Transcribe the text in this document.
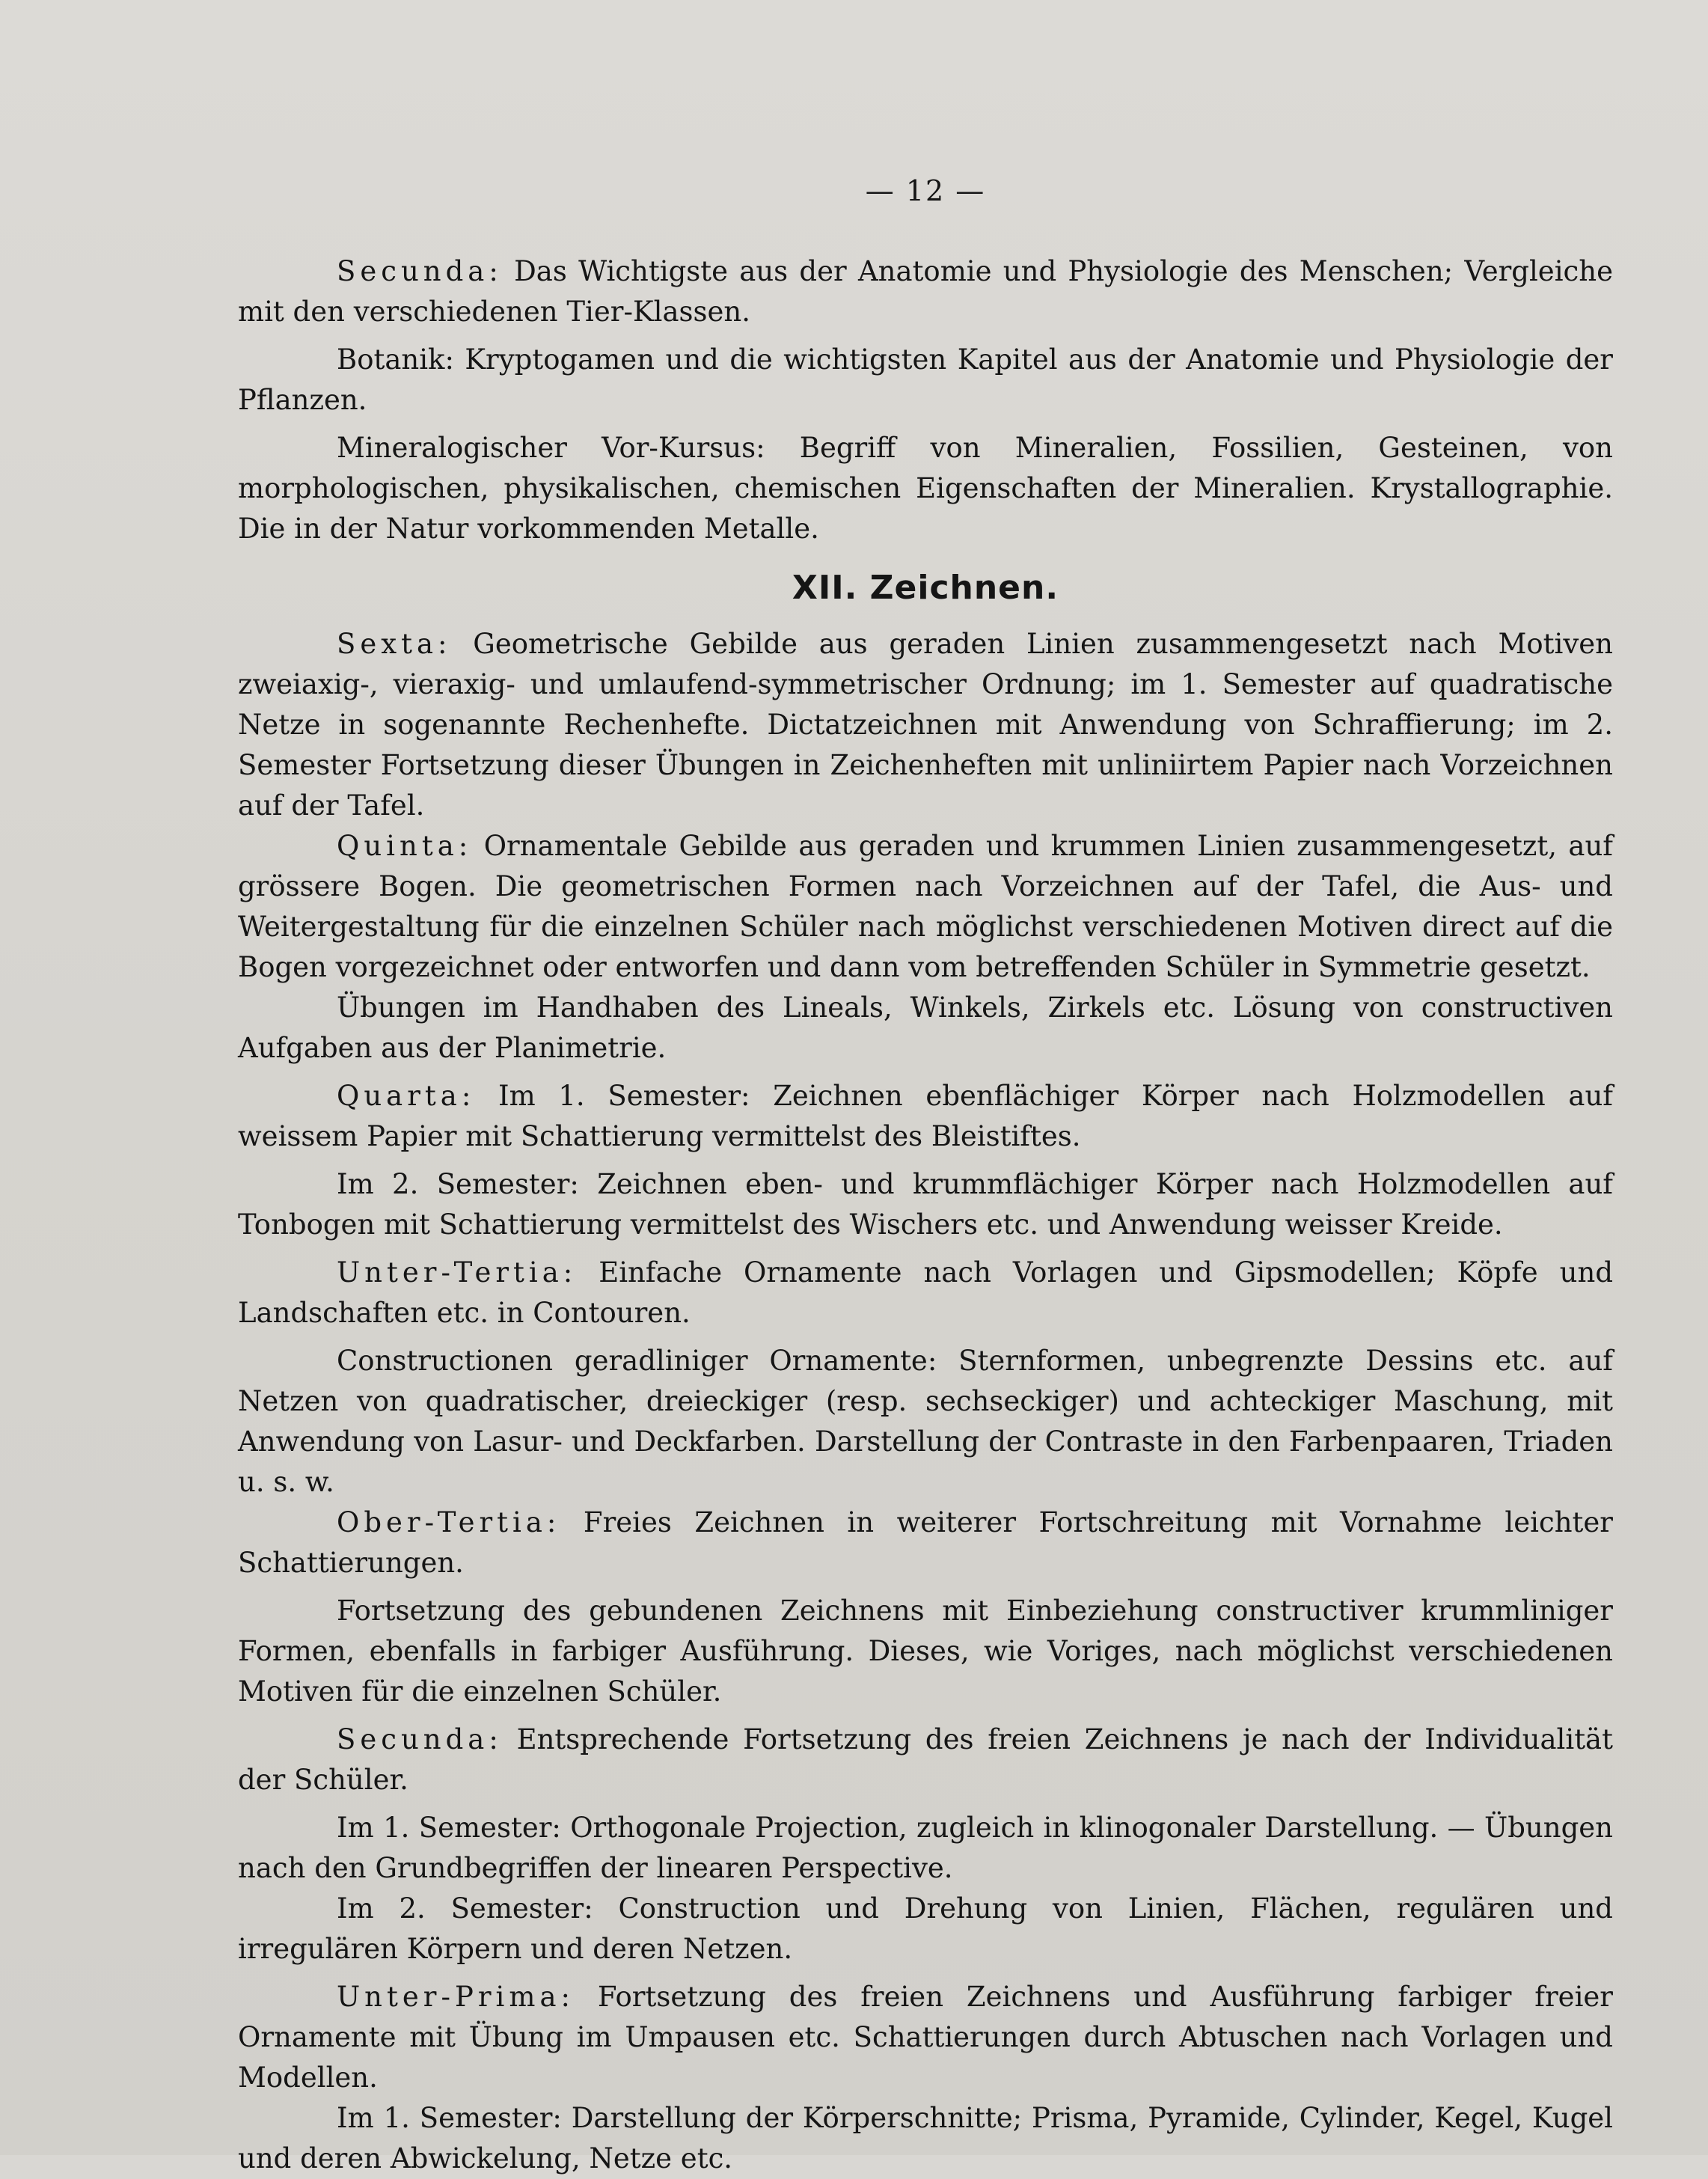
— 12 —

Secunda: Das Wichtigste aus der Anatomie und Physiologie des Menschen; Vergleiche mit den verschiedenen Tier-Klassen.

Botanik: Kryptogamen und die wichtigsten Kapitel aus der Anatomie und Physiologie der Pflanzen.

Mineralogischer Vor-Kursus: Begriff von Mineralien, Fossilien, Gesteinen, von morphologischen, physikalischen, chemischen Eigenschaften der Mineralien. Krystallographie. Die in der Natur vorkommenden Metalle.

XII. Zeichnen.

Sexta: Geometrische Gebilde aus geraden Linien zusammengesetzt nach Motiven zweiaxig-, vieraxig- und umlaufend-symmetrischer Ordnung; im 1. Semester auf quadratische Netze in sogenannte Rechenhefte. Dictatzeichnen mit Anwendung von Schraffierung; im 2. Semester Fortsetzung dieser Übungen in Zeichenheften mit unliniirtem Papier nach Vorzeichnen auf der Tafel.

Quinta: Ornamentale Gebilde aus geraden und krummen Linien zusammengesetzt, auf grössere Bogen. Die geometrischen Formen nach Vorzeichnen auf der Tafel, die Aus- und Weitergestaltung für die einzelnen Schüler nach möglichst verschiedenen Motiven direct auf die Bogen vorgezeichnet oder entworfen und dann vom betreffenden Schüler in Symmetrie gesetzt.

Übungen im Handhaben des Lineals, Winkels, Zirkels etc. Lösung von constructiven Aufgaben aus der Planimetrie.

Quarta: Im 1. Semester: Zeichnen ebenflächiger Körper nach Holzmodellen auf weissem Papier mit Schattierung vermittelst des Bleistiftes.

Im 2. Semester: Zeichnen eben- und krummflächiger Körper nach Holzmodellen auf Tonbogen mit Schattierung vermittelst des Wischers etc. und Anwendung weisser Kreide.

Unter-Tertia: Einfache Ornamente nach Vorlagen und Gipsmodellen; Köpfe und Landschaften etc. in Contouren.

Constructionen geradliniger Ornamente: Sternformen, unbegrenzte Dessins etc. auf Netzen von quadratischer, dreieckiger (resp. sechseckiger) und achteckiger Maschung, mit Anwendung von Lasur- und Deckfarben. Darstellung der Contraste in den Farbenpaaren, Triaden u. s. w.

Ober-Tertia: Freies Zeichnen in weiterer Fortschreitung mit Vornahme leichter Schattierungen.

Fortsetzung des gebundenen Zeichnens mit Einbeziehung constructiver krummliniger Formen, ebenfalls in farbiger Ausführung. Dieses, wie Voriges, nach möglichst verschiedenen Motiven für die einzelnen Schüler.

Secunda: Entsprechende Fortsetzung des freien Zeichnens je nach der Individualität der Schüler.

Im 1. Semester: Orthogonale Projection, zugleich in klinogonaler Darstellung. — Übungen nach den Grundbegriffen der linearen Perspective.

Im 2. Semester: Construction und Drehung von Linien, Flächen, regulären und irregulären Körpern und deren Netzen.

Unter-Prima: Fortsetzung des freien Zeichnens und Ausführung farbiger freier Ornamente mit Übung im Umpausen etc. Schattierungen durch Abtuschen nach Vorlagen und Modellen.

Im 1. Semester: Darstellung der Körperschnitte; Prisma, Pyramide, Cylinder, Kegel, Kugel und deren Abwickelung, Netze etc.
